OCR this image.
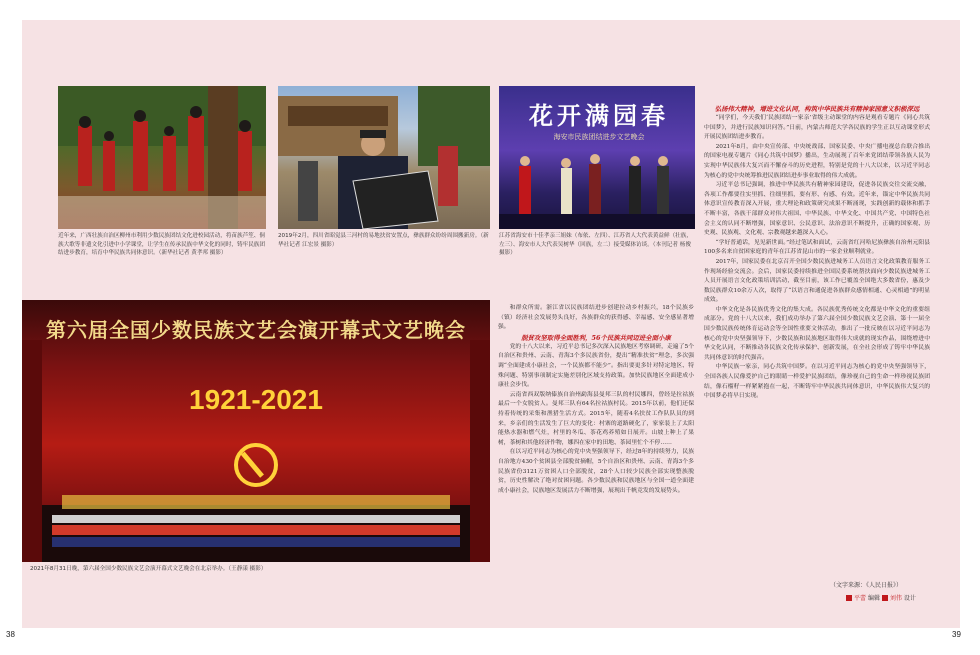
近年来，广西壮族自治区柳州市利用少数民族团结文化进校园活动，将苗族芦笙、侗族大歌等非遗文化引进中小学课堂，让学生在传承民族中华文化的同时，铸牢民族团结进步教育，培育中华民族共同体意识。（新华社记者 黄孝邦 摄影）
2019年2月，四川省昭觉县三河村的易地扶贫安置点，彝族群众纷纷周围搬新房。（新华社记者 江宏景 摄影）
花开满园春
海安市民族团结进步文艺晚会
江苏省海安市十佳孝亲三姐妹（布依、左四）、江苏省人大代表黄益鲜（壮族，左三）、海安市人大代表吴树华（回族，左二）接受媒体访谈。（本刊记者 杨俊 摄影）
第六届全国少数民族文艺会演开幕式文艺晚会
1921-2021
2021年8月31日晚，第六届全国少数民族文艺会演开幕式文艺晚会在北京举办。（王静漾 摄影）

和群众所需。浙江省以民族团结进步创建拉动乡村振兴，18个民族乡（镇）经济社会发展势头良好，各族群众的获得感、幸福感、安全感显著增强。

脱贫攻坚取得全面胜利，56个民族共同迈进全面小康

党的十八大以来，习近平总书记多次深入民族地区考察调研，走遍了5个自治区和贵州、云南、青海3个多民族省份，提出“精准扶贫”理念，多次强调“全面建成小康社会，一个民族都不能少”。指出要更多针对特定地区、特殊问题、特别事项制定实施差别化区域支持政策。加快民族地区全面建成小康社会步伐。

云南省西双版纳傣族自治州勐海县曼邦三队的村民娜四，曾经是拉祜族最后一个女脱贫人。曼邦三队有64名拉祜族村民。2015年以前，他们还保持着传统的采集和渔猎生活方式。2015年，随着4名扶贫工作队队员的到来，乡亲们的生活发生了巨大的变化：村寨的道路硬化了，家家装上了太阳能热水器和燃气灶，村里的冬瓜、茶花鸡养殖如日展开。山坡上种上了果树，茶树和其他经济作物，娜四在家中的田地、茶园里忙个不停……

在以习近平同志为核心的党中央坚强领导下，经过8年的持续努力，民族自治地方430个贫困县全部脱贫摘帽，5个自治区和贵州、云南、青海3个多民族省份3121万贫困人口全部脱贫，28个人口较少民族全部实现整族脱贫，历史性解决了绝对贫困问题。各少数民族和民族地区与全国一道全面建成小康社会，民族地区发展活力不断增强，展现出千帆竞发的发展势头。

弘扬伟大精神，增进文化认同，构筑中华民族共有精神家园意义积极深远

“同学们，今天我们‘民族团结一家亲’省级主动课堂的内容是观看专题片《同心共筑中国梦》，并进行民族知识问答。”日前，内蒙古师范大学各民族的学生正以互动课堂形式开展民族团结进步教育。

2021年8月，由中央宣传部、中央统战部、国家民委、中央广播电视总台联合推出的国家电视专题片《同心共筑中国梦》播出，生动展现了百年来党团结带领各族人民为实现中华民族伟大复兴而不懈奋斗的历史进程，特别是党的十八大以来，以习近平同志为核心的党中央统筹推进民族团结进步事业取得的伟大成就。

习近平总书记强调，推进中华民族共有精神家园建设，促进各民族交往交流交融，各项工作都要往实里抓、往细里抓，要有形、有感、有效。近年来，锚定中华民族共同体意识宣传教育深入开展，重大理论和政策研究成果不断涌现，实践创新的载体和抓手不断丰富，各族干部群众对伟大祖国、中华民族、中华文化、中国共产党、中国特色社会主义的认同不断增强，国家意识、公民意识、法治意识不断提升，正确的国家观、历史观、民族观、文化观、宗教观越来越深入人心。

“学好普通话，见见新世面。”经过笔试和面试，云南省红河哈尼族彝族自治州元阳县100多名来自贫困家庭的青年在江苏省昆山市的一家企业顺利就业。

2017年，国家民委在北京召开全国少数民族进城务工人员语言文化政策教育服务工作现场经验交流会。会后，国家民委持续推进全国民委系统帮扶面向少数民族进城务工人员开展语言文化政策培训活动，截至目前，该工作已覆盖全国绝大多数省份，惠及少数民族群众10余万人次，取得了“以语言和通促进各族群众感情相通、心灵相通”的明显成效。

中华文化是各民族优秀文化的集大成。各民族优秀传统文化都是中华文化的重要组成部分。党的十八大以来，我们成功举办了第六届全国少数民族文艺会演、第十一届全国少数民族传统体育运动会等全国性重要文体活动，推出了一批反映在以习近平同志为核心的党中央坚强领导下，少数民族和民族地区取得伟大成就的现实作品，围绕增进中华文化认同，不断推动各民族文化传承保护、创新发展，在全社会形成了铸牢中华民族共同体意识的时代强音。

中华民族一家亲，同心共筑中国梦。在以习近平同志为核心的党中央坚强领导下，全国各族人民像爱护自己的眼睛一样爱护民族团结，像珍视自己的生命一样珍视民族团结，像石榴籽一样紧紧抱在一起，不断铸牢中华民族共同体意识，中华民族伟大复兴的中国梦必将早日实现。

（文字来源：《人民日报》）
平蕾 编辑 刘伟 设计
38	39
